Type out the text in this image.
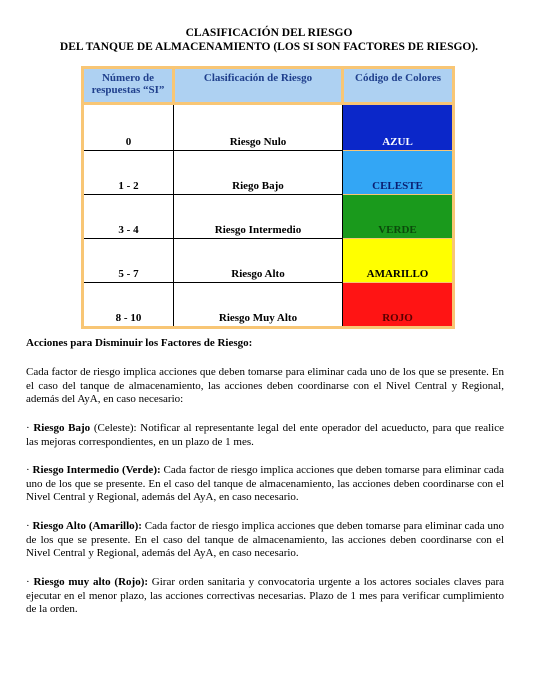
CLASIFICACIÓN DEL RIESGO
DEL TANQUE DE ALMACENAMIENTO (LOS SI SON FACTORES DE RIESGO).
Número de respuestas “SI”	Clasificación de Riesgo	Código de Colores
0	Riesgo Nulo	AZUL
1 - 2	Riego Bajo	CELESTE
3 - 4	Riesgo Intermedio	VERDE
5 - 7	Riesgo Alto	AMARILLO
8 - 10	Riesgo Muy Alto	ROJO
Acciones para Disminuir los Factores de Riesgo:
Cada factor de riesgo implica acciones que deben tomarse para eliminar cada uno de los que se presente. En el caso del tanque de almacenamiento, las acciones deben coordinarse con el Nivel Central y Regional, además del AyA, en caso necesario:
· Riesgo Bajo (Celeste): Notificar al representante legal del ente operador del acueducto, para que realice las mejoras correspondientes, en un plazo de 1 mes.
· Riesgo Intermedio (Verde): Cada factor de riesgo implica acciones que deben tomarse para eliminar cada uno de los que se presente. En el caso del tanque de almacenamiento, las acciones deben coordinarse con el Nivel Central y Regional, además del AyA, en caso necesario.
· Riesgo Alto (Amarillo): Cada factor de riesgo implica acciones que deben tomarse para eliminar cada uno de los que se presente. En el caso del tanque de almacenamiento, las acciones deben coordinarse con el Nivel Central y Regional, además del AyA, en caso necesario.
· Riesgo muy alto (Rojo): Girar orden sanitaria y convocatoria urgente a los actores sociales claves para ejecutar en el menor plazo, las acciones correctivas necesarias. Plazo de 1 mes para verificar cumplimiento de la orden.
